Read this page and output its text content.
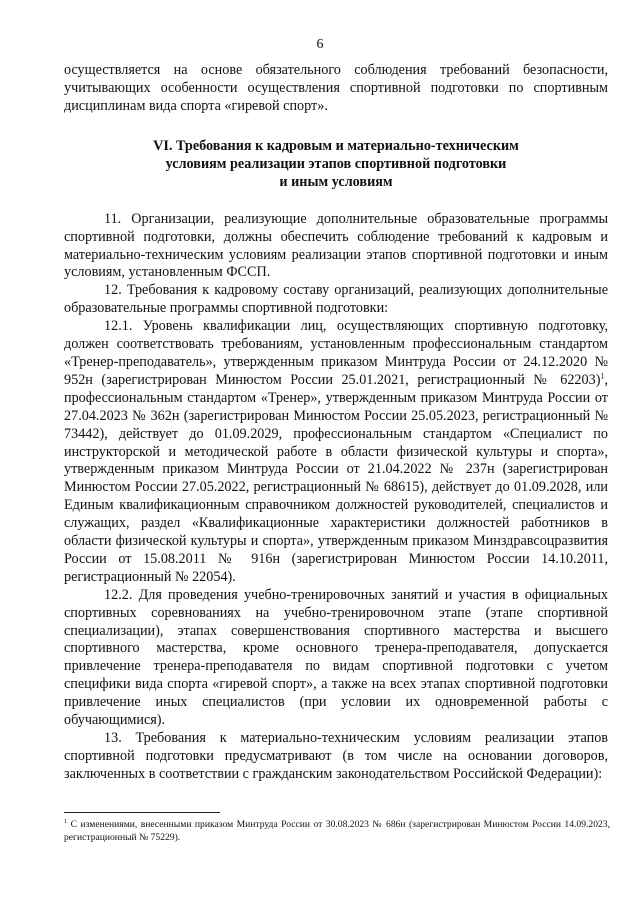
6

осуществляется на основе обязательного соблюдения требований безопасности, учитывающих особенности осуществления спортивной подготовки по спортивным дисциплинам вида спорта «гиревой спорт».

VI. Требования к кадровым и материально-техническим
условиям реализации этапов спортивной подготовки
и иным условиям

11. Организации, реализующие дополнительные образовательные программы спортивной подготовки, должны обеспечить соблюдение требований к кадровым и материально-техническим условиям реализации этапов спортивной подготовки и иным условиям, установленным ФССП.

12. Требования к кадровому составу организаций, реализующих дополнительные образовательные программы спортивной подготовки:

12.1. Уровень квалификации лиц, осуществляющих спортивную подготовку, должен соответствовать требованиям, установленным профессиональным стандартом «Тренер-преподаватель», утвержденным приказом Минтруда России от 24.12.2020 № 952н (зарегистрирован Минюстом России 25.01.2021, регистрационный № 62203)$^1$, профессиональным стандартом «Тренер», утвержденным приказом Минтруда России от 27.04.2023 № 362н (зарегистрирован Минюстом России 25.05.2023, регистрационный № 73442), действует до 01.09.2029, профессиональным стандартом «Специалист по инструкторской и методической работе в области физической культуры и спорта», утвержденным приказом Минтруда России от 21.04.2022 № 237н (зарегистрирован Минюстом России 27.05.2022, регистрационный № 68615), действует до 01.09.2028, или Единым квалификационным справочником должностей руководителей, специалистов и служащих, раздел «Квалификационные характеристики должностей работников в области физической культуры и спорта», утвержденным приказом Минздравсоцразвития России от 15.08.2011 № 916н (зарегистрирован Минюстом России 14.10.2011, регистрационный № 22054).

12.2. Для проведения учебно-тренировочных занятий и участия в официальных спортивных соревнованиях на учебно-тренировочном этапе (этапе спортивной специализации), этапах совершенствования спортивного мастерства и высшего спортивного мастерства, кроме основного тренера-преподавателя, допускается привлечение тренера-преподавателя по видам спортивной подготовки с учетом специфики вида спорта «гиревой спорт», а также на всех этапах спортивной подготовки привлечение иных специалистов (при условии их одновременной работы с обучающимися).

13. Требования к материально-техническим условиям реализации этапов спортивной подготовки предусматривают (в том числе на основании договоров, заключенных в соответствии с гражданским законодательством Российской Федерации):

$^1$ С изменениями, внесенными приказом Минтруда России от 30.08.2023 № 686н (зарегистрирован Минюстом России 14.09.2023, регистрационный № 75229).
